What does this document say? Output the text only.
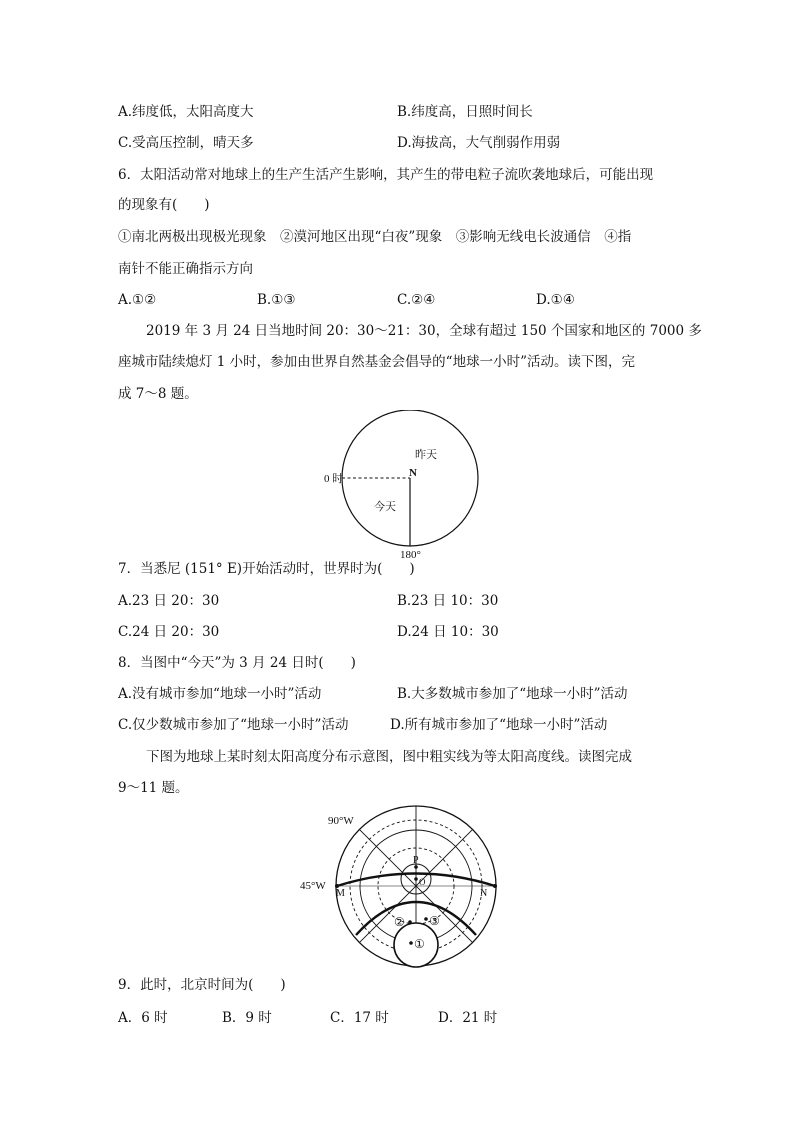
A.纬度低，太阳高度大	B.纬度高，日照时间长
C.受高压控制，晴天多	D.海拔高，大气削弱作用弱
6．太阳活动常对地球上的生产生活产生影响，其产生的带电粒子流吹袭地球后，可能出现
的现象有(　　)
①南北两极出现极光现象　②漠河地区出现“白夜”现象　③影响无线电长波通信　④指
南针不能正确指示方向
A.①②	B.①③	C.②④	D.①④
2019 年 3 月 24 日当地时间 20：30～21：30，全球有超过 150 个国家和地区的 7000 多
座城市陆续熄灯 1 小时，参加由世界自然基金会倡导的“地球一小时”活动。读下图，完
成 7～8 题。
0 时
昨天
N
今天
180°
7．当悉尼 (151° E)开始活动时，世界时为(　　)
A.23 日 20：30	B.23 日 10：30
C.24 日 20：30	D.24 日 10：30
8．当图中“今天”为 3 月 24 日时(　　)
A.没有城市参加“地球一小时”活动	B.大多数城市参加了“地球一小时”活动
C.仅少数城市参加了“地球一小时”活动	D.所有城市参加了“地球一小时”活动
下图为地球上某时刻太阳高度分布示意图，图中粗实线为等太阳高度线。读图完成
9～11 题。
90°W
45°W
M	N
P
O
② ③
①
9．此时，北京时间为(　　)
A．6 时	B．9 时	C．17 时	D．21 时
